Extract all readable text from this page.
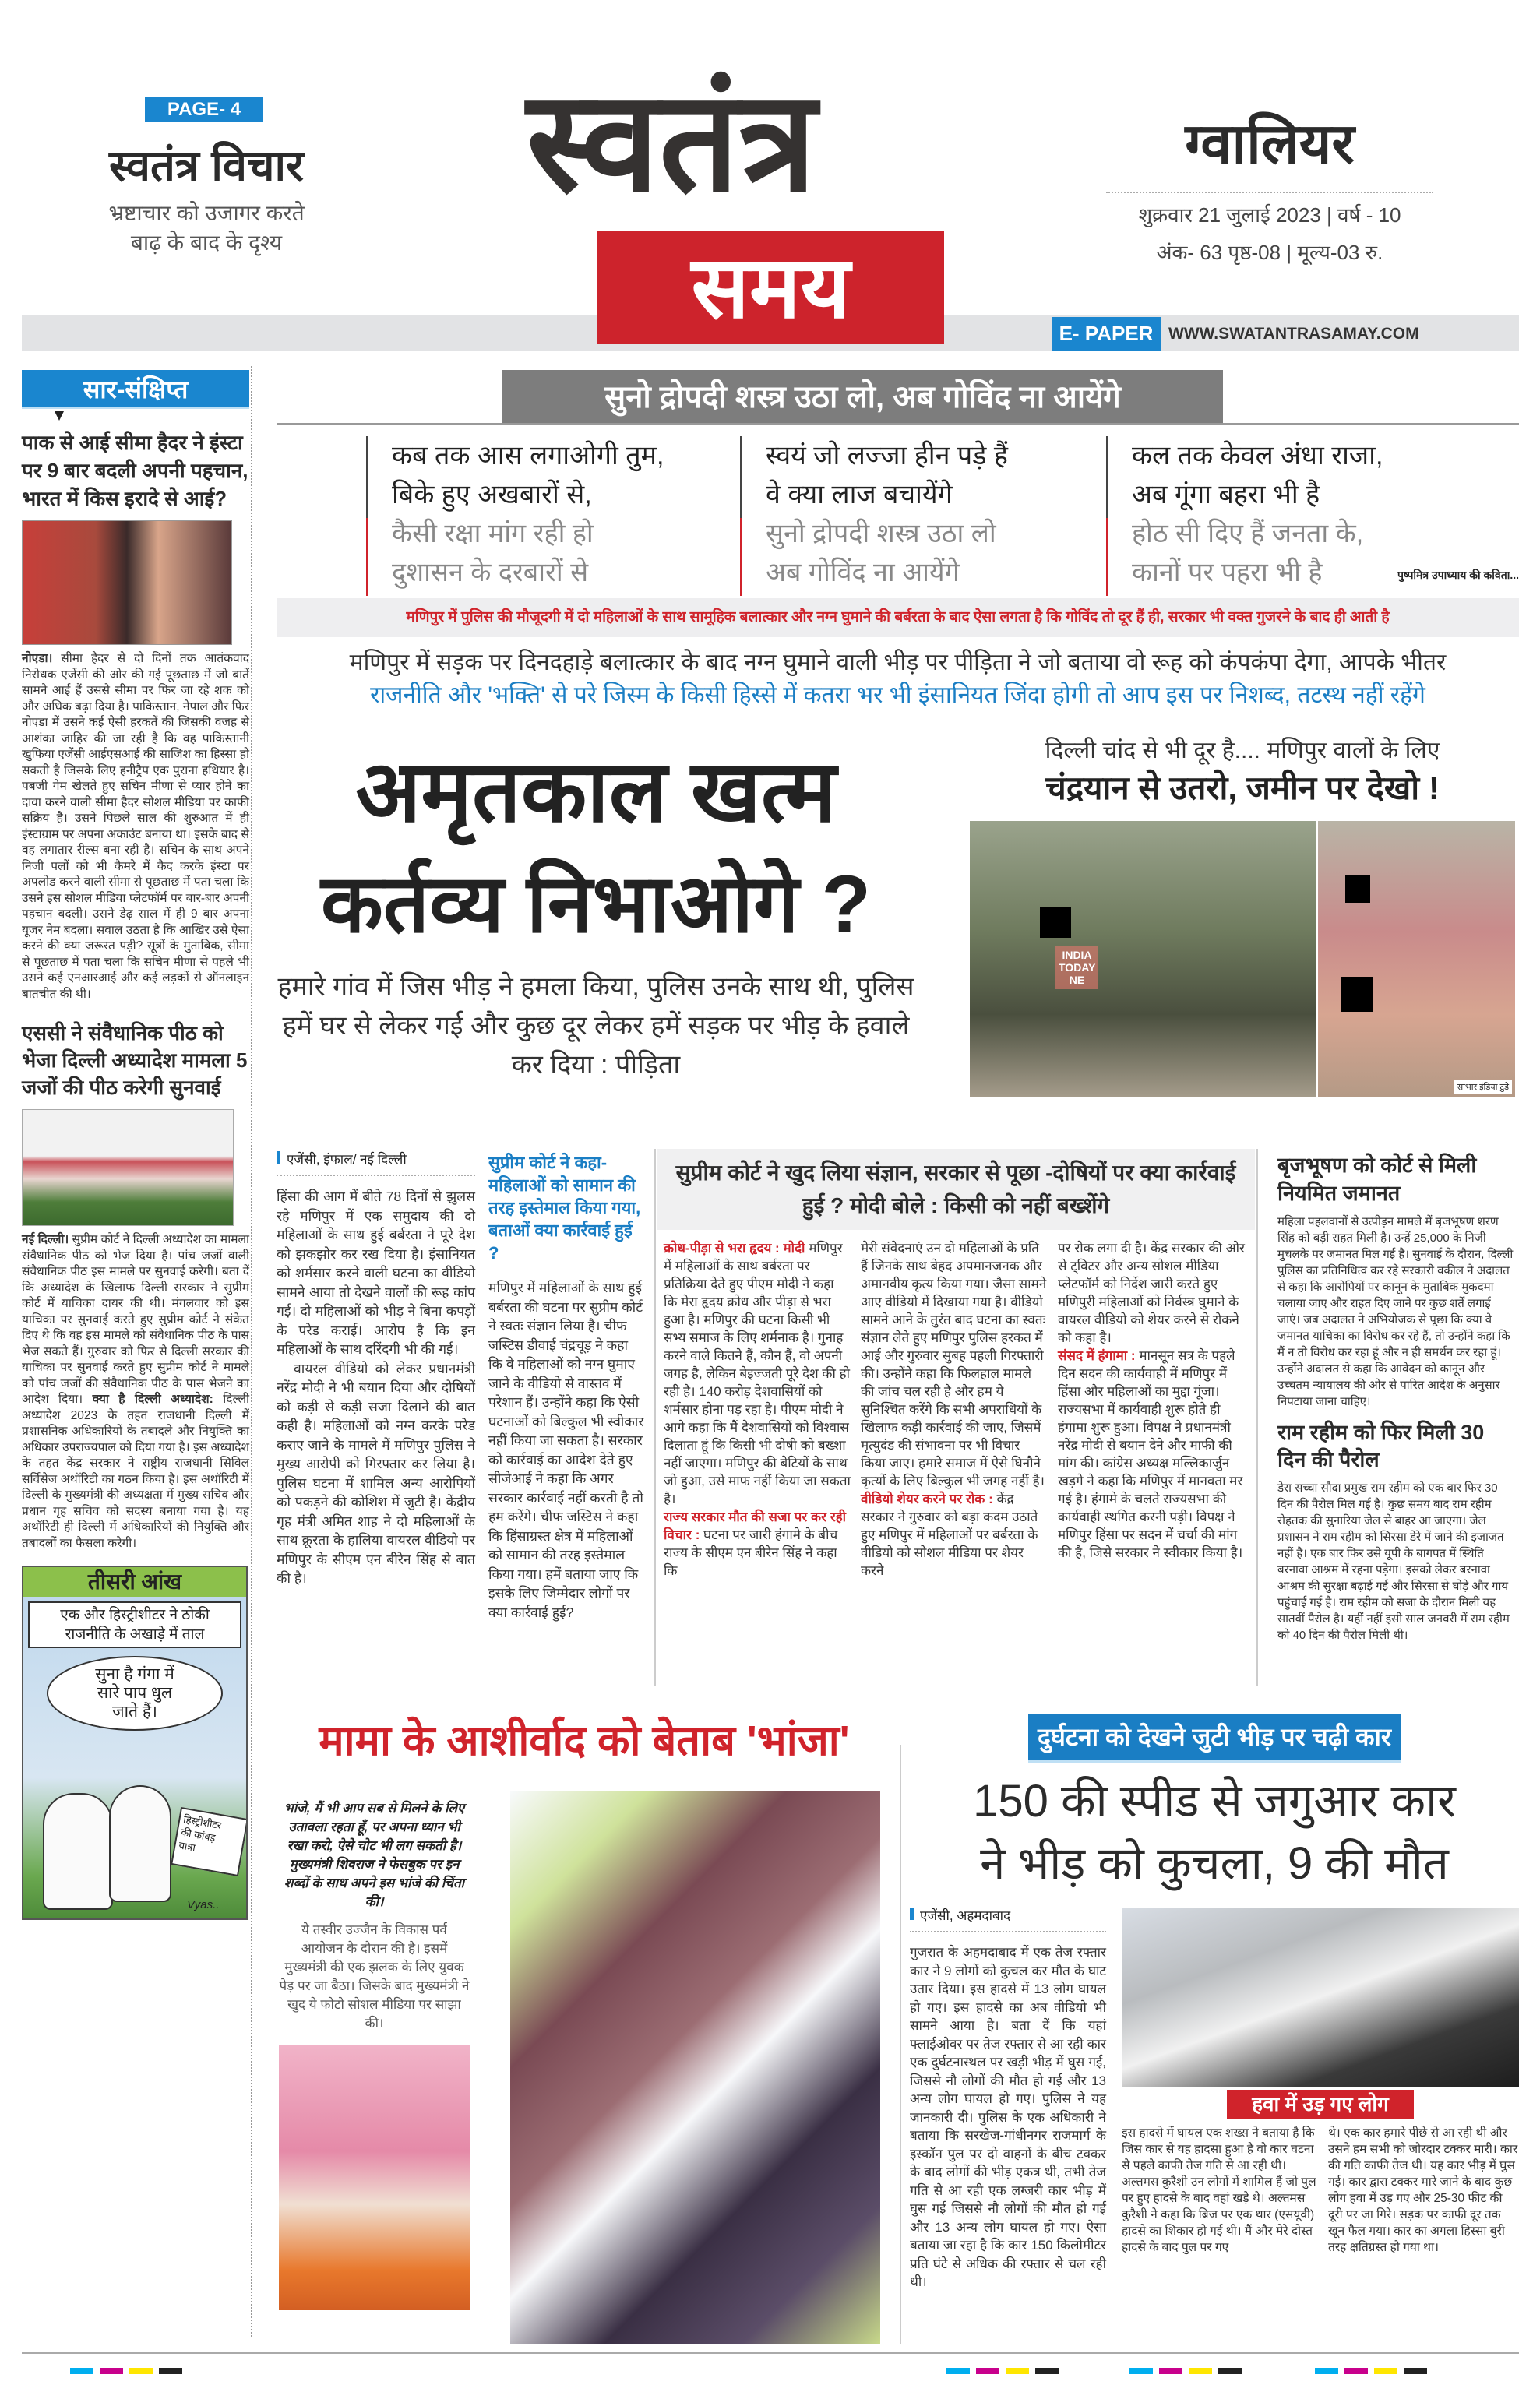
PAGE- 4
स्वतंत्र विचार
भ्रष्टाचार को उजागर करते
बाढ़ के बाद के दृश्य
स्वतंत्र
समय
ग्वालियर
शुक्रवार 21 जुलाई 2023 | वर्ष - 10
अंक- 63 पृष्ठ-08 | मूल्य-03 रु.
E- PAPER WWW.SWATANTRASAMAY.COM
सार-संक्षिप्त
पाक से आई सीमा हैदर ने इंस्टा पर 9 बार बदली अपनी पहचान, भारत में किस इरादे से आई?
नोएडा। सीमा हैदर से दो दिनों तक आतंकवाद निरोधक एजेंसी की ओर की गई पूछताछ में जो बातें सामने आई हैं उससे सीमा पर फिर जा रहे शक को और अधिक बढ़ा दिया है। पाकिस्तान, नेपाल और फिर नोएडा में उसने कई ऐसी हरकतें की जिसकी वजह से आशंका जाहिर की जा रही है कि वह पाकिस्तानी खुफिया एजेंसी आईएसआई की साजिश का हिस्सा हो सकती है जिसके लिए हनीट्रैप एक पुराना हथियार है। पबजी गेम खेलते हुए सचिन मीणा से प्यार होने का दावा करने वाली सीमा हैदर सोशल मीडिया पर काफी सक्रिय है। उसने पिछले साल की शुरुआत में ही इंस्टाग्राम पर अपना अकाउंट बनाया था। इसके बाद से वह लगातार रील्स बना रही है। सचिन के साथ अपने निजी पलों को भी कैमरे में कैद करके इंस्टा पर अपलोड करने वाली सीमा से पूछताछ में पता चला कि उसने इस सोशल मीडिया प्लेटफॉर्म पर बार-बार अपनी पहचान बदली। उसने डेढ़ साल में ही 9 बार अपना यूजर नेम बदला। सवाल उठता है कि आखिर उसे ऐसा करने की क्या जरूरत पड़ी? सूत्रों के मुताबिक, सीमा से पूछताछ में पता चला कि सचिन मीणा से पहले भी उसने कई एनआरआई और कई लड़कों से ऑनलाइन बातचीत की थी।
एससी ने संवैधानिक पीठ को भेजा दिल्ली अध्यादेश मामला 5 जजों की पीठ करेगी सुनवाई
नई दिल्ली। सुप्रीम कोर्ट ने दिल्ली अध्यादेश का मामला संवैधानिक पीठ को भेज दिया है। पांच जजों वाली संवैधानिक पीठ इस मामले पर सुनवाई करेगी। बता दें कि अध्यादेश के खिलाफ दिल्ली सरकार ने सुप्रीम कोर्ट में याचिका दायर की थी। मंगलवार को इस याचिका पर सुनवाई करते हुए सुप्रीम कोर्ट ने संकेत दिए थे कि वह इस मामले को संवैधानिक पीठ के पास भेज सकते हैं। गुरुवार को फिर से दिल्ली सरकार की याचिका पर सुनवाई करते हुए सुप्रीम कोर्ट ने मामले को पांच जजों की संवैधानिक पीठ के पास भेजने का आदेश दिया। क्या है दिल्ली अध्यादेश: दिल्ली अध्यादेश 2023 के तहत राजधानी दिल्ली में प्रशासनिक अधिकारियों के तबादले और नियुक्ति का अधिकार उपराज्यपाल को दिया गया है। इस अध्यादेश के तहत केंद्र सरकार ने राष्ट्रीय राजधानी सिविल सर्विसेज अथॉरिटी का गठन किया है। इस अथॉरिटी में दिल्ली के मुख्यमंत्री की अध्यक्षता में मुख्य सचिव और प्रधान गृह सचिव को सदस्य बनाया गया है। यह अथॉरिटी ही दिल्ली में अधिकारियों की नियुक्ति और तबादलों का फैसला करेगी।
तीसरी आंख
एक और हिस्ट्रीशीटर ने ठोकी
राजनीति के अखाड़े में ताल
सुना है गंगा में
सारे पाप धुल
जाते हैं।
हिस्ट्रीशीटर
की कांवड़
यात्रा
Vyas..
सुनो द्रोपदी शस्त्र उठा लो, अब गोविंद ना आयेंगे
कब तक आस लगाओगी तुम,
बिके हुए अखबारों से,
कैसी रक्षा मांग रही हो
दुशासन के दरबारों से
स्वयं जो लज्जा हीन पड़े हैं
वे क्या लाज बचायेंगे
सुनो द्रोपदी शस्त्र उठा लो
अब गोविंद ना आयेंगे
कल तक केवल अंधा राजा,
अब गूंगा बहरा भी है
होठ सी दिए हैं जनता के,
कानों पर पहरा भी है	पुष्पमित्र उपाध्याय की कविता...
मणिपुर में पुलिस की मौजूदगी में दो महिलाओं के साथ सामूहिक बलात्कार और नग्न घुमाने की बर्बरता के बाद ऐसा लगता है कि गोविंद तो दूर हैं ही, सरकार भी वक्त गुजरने के बाद ही आती है
मणिपुर में सड़क पर दिनदहाड़े बलात्कार के बाद नग्न घुमाने वाली भीड़ पर पीड़िता ने जो बताया वो रूह को कंपकंपा देगा, आपके भीतर
राजनीति और 'भक्ति' से परे जिस्म के किसी हिस्से में कतरा भर भी इंसानियत जिंदा होगी तो आप इस पर निशब्द, तटस्थ नहीं रहेंगे
अमृतकाल खत्म
कर्तव्य निभाओगे ?
हमारे गांव में जिस भीड़ ने हमला किया, पुलिस उनके साथ थी, पुलिस हमें घर से लेकर गई और कुछ दूर लेकर हमें सड़क पर भीड़ के हवाले कर दिया : पीड़िता
दिल्ली चांद से भी दूर है.... मणिपुर वालों के लिए
चंद्रयान से उतरो, जमीन पर देखो !
INDIA TODAY NE
साभार इंडिया टुडे
एजेंसी, इंफाल/ नई दिल्ली

हिंसा की आग में बीते 78 दिनों से झुलस रहे मणिपुर में एक समुदाय की दो महिलाओं के साथ हुई बर्बरता ने पूरे देश को झकझोर कर रख दिया है। इंसानियत को शर्मसार करने वाली घटना का वीडियो सामने आया तो देखने वालों की रूह कांप गई। दो महिलाओं को भीड़ ने बिना कपड़ों के परेड कराई। आरोप है कि इन महिलाओं के साथ दरिंदगी भी की गई।

वायरल वीडियो को लेकर प्रधानमंत्री नरेंद्र मोदी ने भी बयान दिया और दोषियों को कड़ी से कड़ी सजा दिलाने की बात कही है। महिलाओं को नग्न करके परेड कराए जाने के मामले में मणिपुर पुलिस ने मुख्य आरोपी को गिरफ्तार कर लिया है। पुलिस घटना में शामिल अन्य आरोपियों को पकड़ने की कोशिश में जुटी है। केंद्रीय गृह मंत्री अमित शाह ने दो महिलाओं के साथ क्रूरता के हालिया वायरल वीडियो पर मणिपुर के सीएम एन बीरेन सिंह से बात की है।

सुप्रीम कोर्ट ने कहा- महिलाओं को सामान की तरह इस्तेमाल किया गया, बताओं क्या कार्रवाई हुई ?
मणिपुर में महिलाओं के साथ हुई बर्बरता की घटना पर सुप्रीम कोर्ट ने स्वतः संज्ञान लिया है। चीफ जस्टिस डीवाई चंद्रचूड़ ने कहा कि वे महिलाओं को नग्न घुमाए जाने के वीडियो से वास्तव में परेशान हैं। उन्होंने कहा कि ऐसी घटनाओं को बिल्कुल भी स्वीकार नहीं किया जा सकता है। सरकार को कार्रवाई का आदेश देते हुए सीजेआई ने कहा कि अगर सरकार कार्रवाई नहीं करती है तो हम करेंगे। चीफ जस्टिस ने कहा कि हिंसाग्रस्त क्षेत्र में महिलाओं को सामान की तरह इस्तेमाल किया गया। हमें बताया जाए कि इसके लिए जिम्मेदार लोगों पर क्या कार्रवाई हुई?
सुप्रीम कोर्ट ने खुद लिया संज्ञान, सरकार से पूछा -दोषियों पर क्या कार्रवाई हुई ? मोदी बोले : किसी को नहीं बख्शेंगे
क्रोध-पीड़ा से भरा हृदय : मोदी मणिपुर में महिलाओं के साथ बर्बरता पर प्रतिक्रिया देते हुए पीएम मोदी ने कहा कि मेरा हृदय क्रोध और पीड़ा से भरा हुआ है। मणिपुर की घटना किसी भी सभ्य समाज के लिए शर्मनाक है। गुनाह करने वाले कितने हैं, कौन हैं, वो अपनी जगह है, लेकिन बेइज्जती पूरे देश की हो रही है। 140 करोड़ देशवासियों को शर्मसार होना पड़ रहा है। पीएम मोदी ने आगे कहा कि मैं देशवासियों को विश्वास दिलाता हूं कि किसी भी दोषी को बख्शा नहीं जाएगा। मणिपुर की बेटियों के साथ जो हुआ, उसे माफ नहीं किया जा सकता है।
राज्य सरकार मौत की सजा पर कर रही विचार : घटना पर जारी हंगामे के बीच राज्य के सीएम एन बीरेन सिंह ने कहा कि
मेरी संवेदनाएं उन दो महिलाओं के प्रति हैं जिनके साथ बेहद अपमानजनक और अमानवीय कृत्य किया गया। जैसा सामने आए वीडियो में दिखाया गया है। वीडियो सामने आने के तुरंत बाद घटना का स्वतः संज्ञान लेते हुए मणिपुर पुलिस हरकत में आई और गुरुवार सुबह पहली गिरफ्तारी की। उन्होंने कहा कि फिलहाल मामले की जांच चल रही है और हम ये सुनिश्चित करेंगे कि सभी अपराधियों के खिलाफ कड़ी कार्रवाई की जाए, जिसमें मृत्युदंड की संभावना पर भी विचार किया जाए। हमारे समाज में ऐसे घिनौने कृत्यों के लिए बिल्कुल भी जगह नहीं है।
वीडियो शेयर करने पर रोक : केंद्र सरकार ने गुरुवार को बड़ा कदम उठाते हुए मणिपुर में महिलाओं पर बर्बरता के वीडियो को सोशल मीडिया पर शेयर करने
पर रोक लगा दी है। केंद्र सरकार की ओर से ट्विटर और अन्य सोशल मीडिया प्लेटफॉर्म को निर्देश जारी करते हुए मणिपुरी महिलाओं को निर्वस्त्र घुमाने के वायरल वीडियो को शेयर करने से रोकने को कहा है।
संसद में हंगामा : मानसून सत्र के पहले दिन सदन की कार्यवाही में मणिपुर में हिंसा और महिलाओं का मुद्दा गूंजा। राज्यसभा में कार्यवाही शुरू होते ही हंगामा शुरू हुआ। विपक्ष ने प्रधानमंत्री नरेंद्र मोदी से बयान देने और माफी की मांग की। कांग्रेस अध्यक्ष मल्लिकार्जुन खड़गे ने कहा कि मणिपुर में मानवता मर गई है। हंगामे के चलते राज्यसभा की कार्यवाही स्थगित करनी पड़ी। विपक्ष ने मणिपुर हिंसा पर सदन में चर्चा की मांग की है, जिसे सरकार ने स्वीकार किया है।
बृजभूषण को कोर्ट से मिली नियमित जमानत
महिला पहलवानों से उत्पीड़न मामले में बृजभूषण शरण सिंह को बड़ी राहत मिली है। उन्हें 25,000 के निजी मुचलके पर जमानत मिल गई है। सुनवाई के दौरान, दिल्ली पुलिस का प्रतिनिधित्व कर रहे सरकारी वकील ने अदालत से कहा कि आरोपियों पर कानून के मुताबिक मुकदमा चलाया जाए और राहत दिए जाने पर कुछ शर्तें लगाई जाएं। जब अदालत ने अभियोजक से पूछा कि क्या वे जमानत याचिका का विरोध कर रहे हैं, तो उन्होंने कहा कि मैं न तो विरोध कर रहा हूं और न ही समर्थन कर रहा हूं। उन्होंने अदालत से कहा कि आवेदन को कानून और उच्चतम न्यायालय की ओर से पारित आदेश के अनुसार निपटाया जाना चाहिए।
राम रहीम को फिर मिली 30 दिन की पैरोल
डेरा सच्चा सौदा प्रमुख राम रहीम को एक बार फिर 30 दिन की पैरोल मिल गई है। कुछ समय बाद राम रहीम रोहतक की सुनारिया जेल से बाहर आ जाएगा। जेल प्रशासन ने राम रहीम को सिरसा डेरे में जाने की इजाजत नहीं है। एक बार फिर उसे यूपी के बागपत में स्थिति बरनावा आश्रम में रहना पड़ेगा। इसको लेकर बरनावा आश्रम की सुरक्षा बढ़ाई गई और सिरसा से घोड़े और गाय पहुंचाई गई है। राम रहीम को सजा के दौरान मिली यह सातवीं पैरोल है। यहीं नहीं इसी साल जनवरी में राम रहीम को 40 दिन की पैरोल मिली थी।
मामा के आशीर्वाद को बेताब 'भांजा'
भांजे, मैं भी आप सब से मिलने के लिए उतावला रहता हूँ, पर अपना ध्यान भी रखा करो, ऐसे चोट भी लग सकती है। मुख्यमंत्री शिवराज ने फेसबुक पर इन शब्दों के साथ अपने इस भांजे की चिंता की।
ये तस्वीर उज्जैन के विकास पर्व आयोजन के दौरान की है। इसमें मुख्यमंत्री की एक झलक के लिए युवक पेड़ पर जा बैठा। जिसके बाद मुख्यमंत्री ने खुद ये फोटो सोशल मीडिया पर साझा की।
दुर्घटना को देखने जुटी भीड़ पर चढ़ी कार
150 की स्पीड से जगुआर कार
ने भीड़ को कुचला, 9 की मौत
एजेंसी, अहमदाबाद
गुजरात के अहमदाबाद में एक तेज रफ्तार कार ने 9 लोगों को कुचल कर मौत के घाट उतार दिया। इस हादसे में 13 लोग घायल हो गए। इस हादसे का अब वीडियो भी सामने आया है। बता दें कि यहां फ्लाईओवर पर तेज रफ्तार से आ रही कार एक दुर्घटनास्थल पर खड़ी भीड़ में घुस गई, जिससे नौ लोगों की मौत हो गई और 13 अन्य लोग घायल हो गए। पुलिस ने यह जानकारी दी। पुलिस के एक अधिकारी ने बताया कि सरखेज-गांधीनगर राजमार्ग के इस्कॉन पुल पर दो वाहनों के बीच टक्कर के बाद लोगों की भीड़ एकत्र थी, तभी तेज गति से आ रही एक लग्जरी कार भीड़ में घुस गई जिससे नौ लोगों की मौत हो गई और 13 अन्य लोग घायल हो गए। ऐसा बताया जा रहा है कि कार 150 किलोमीटर प्रति घंटे से अधिक की रफ्तार से चल रही थी।
हवा में उड़ गए लोग
इस हादसे में घायल एक शख्स ने बताया है कि जिस कार से यह हादसा हुआ है वो कार घटना से पहले काफी तेज गति से आ रही थी। अल्तमस कुरैशी उन लोगों में शामिल हैं जो पुल पर हुए हादसे के बाद वहां खड़े थे। अल्तमस कुरैशी ने कहा कि ब्रिज पर एक थार (एसयूवी) हादसे का शिकार हो गई थी। मैं और मेरे दोस्त हादसे के बाद पुल पर गए
थे। एक कार हमारे पीछे से आ रही थी और उसने हम सभी को जोरदार टक्कर मारी। कार की गति काफी तेज थी। यह कार भीड़ में घुस गई। कार द्वारा टक्कर मारे जाने के बाद कुछ लोग हवा में उड़ गए और 25-30 फीट की दूरी पर जा गिरे। सड़क पर काफी दूर तक खून फैल गया। कार का अगला हिस्सा बुरी तरह क्षतिग्रस्त हो गया था।
